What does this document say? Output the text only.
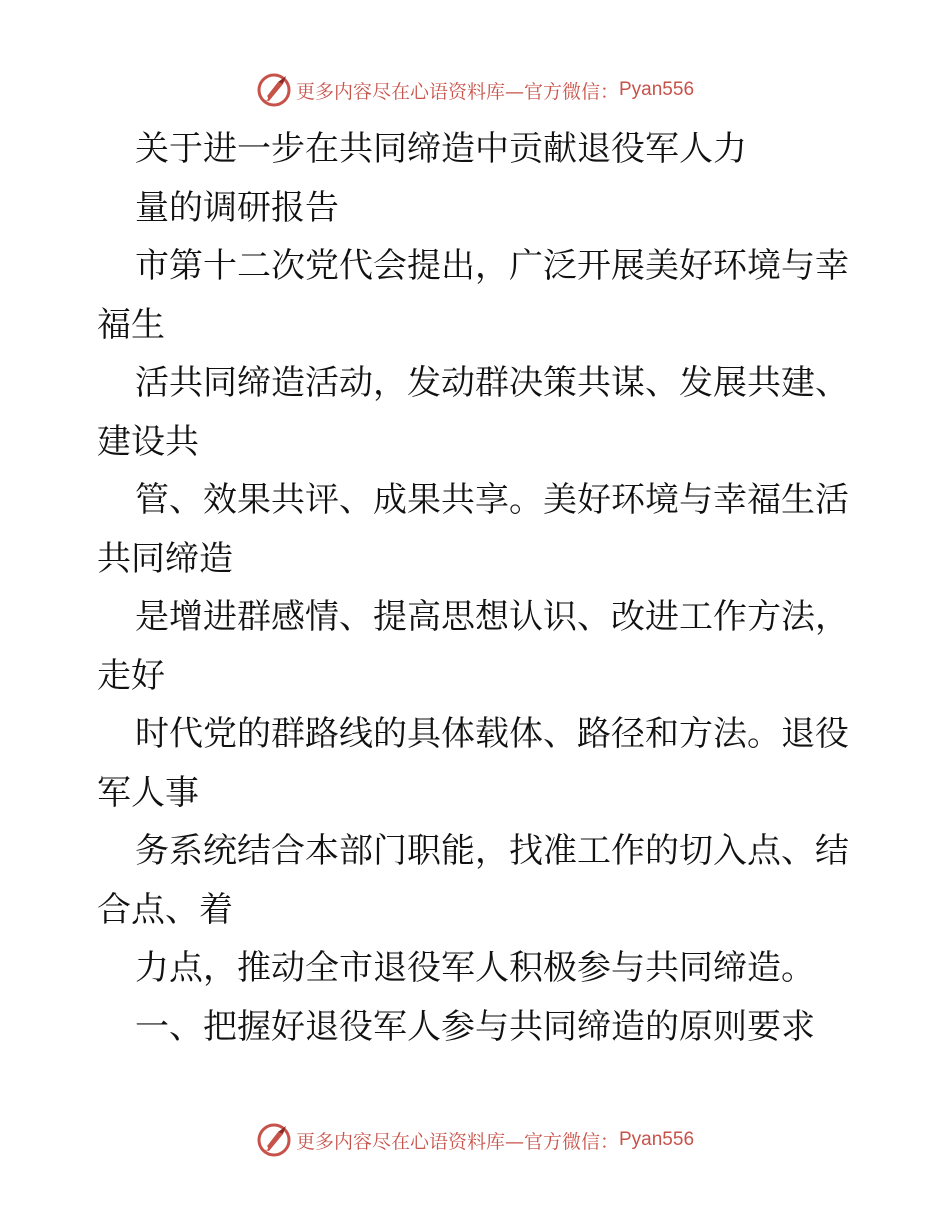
更多内容尽在心语资料库—官方微信： Pyan556
关于进一步在共同缔造中贡献退役军人力
量的调研报告
市第十二次党代会提出，广泛开展美好环境与幸
福生
活共同缔造活动，发动群决策共谋、发展共建、
建设共
管、效果共评、成果共享。美好环境与幸福生活
共同缔造
是增进群感情、提高思想认识、改进工作方法，
走好
时代党的群路线的具体载体、路径和方法。退役
军人事
务系统结合本部门职能，找准工作的切入点、结
合点、着
力点，推动全市退役军人积极参与共同缔造。
一、把握好退役军人参与共同缔造的原则要求
更多内容尽在心语资料库—官方微信： Pyan556
